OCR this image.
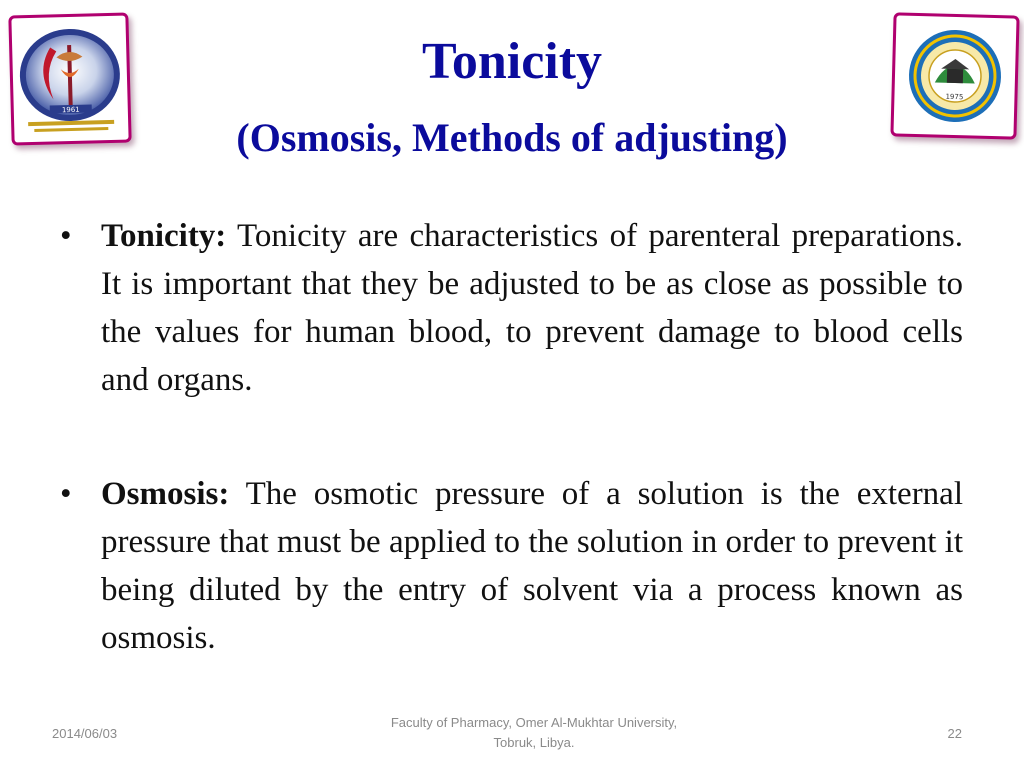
1961
1975
Tonicity
(Osmosis, Methods of adjusting)
• Tonicity: Tonicity are characteristics of parenteral preparations. It is important that they be adjusted to be as close as possible to the values for human blood, to prevent damage to blood cells and organs.
• Osmosis: The osmotic pressure of a solution is the external pressure that must be applied to the solution in order to prevent it being diluted by the entry of solvent via a process known as osmosis.
2014/06/03
Faculty of Pharmacy, Omer Al-Mukhtar University,
Tobruk, Libya.
22
